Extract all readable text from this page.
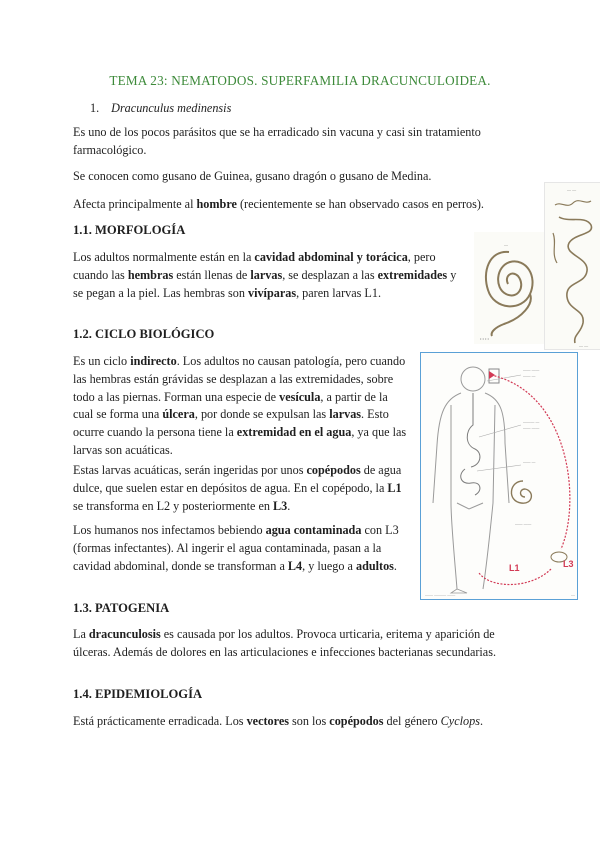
TEMA 23: NEMATODOS. SUPERFAMILIA DRACUNCULOIDEA.
1. Dracunculus medinensis

Es uno de los pocos parásitos que se ha erradicado sin vacuna y casi sin tratamiento farmacológico.

Se conocen como gusano de Guinea, gusano dragón o gusano de Medina.

Afecta principalmente al hombre (recientemente se han observado casos en perros).

1.1. MORFOLOGÍA

Los adultos normalmente están en la cavidad abdominal y torácica, pero cuando las hembras están llenas de larvas, se desplazan a las extremidades y se pegan a la piel. Las hembras son vivíparas, paren larvas L1.

• • • •
—
— —
— —
1.2. CICLO BIOLÓGICO

Es un ciclo indirecto. Los adultos no causan patología, pero cuando las hembras están grávidas se desplazan a las extremidades, sobre todo a las piernas. Forman una especie de vesícula, a partir de la cual se forma una úlcera, por donde se expulsan las larvas. Esto ocurre cuando la persona tiene la extremidad en el agua, ya que las larvas son acuáticas.

Estas larvas acuáticas, serán ingeridas por unos copépodos de agua dulce, que suelen estar en depósitos de agua. En el copépodo, la L1 se transforma en L2 y posteriormente en L3.

Los humanos nos infectamos bebiendo agua contaminada con L3 (formas infectantes). Al ingerir el agua contaminada, pasan a la cavidad abdominal, donde se transforman a L4, y luego a adultos.

—— ——
—— —
——— —
—— ——
—— —
—— ——
—— ——— ——	—
L1	L3
1.3. PATOGENIA

La dracunculosis es causada por los adultos. Provoca urticaria, eritema y aparición de úlceras. Además de dolores en las articulaciones e infecciones bacterianas secundarias.

1.4. EPIDEMIOLOGÍA

Está prácticamente erradicada. Los vectores son los copépodos del género Cyclops.
